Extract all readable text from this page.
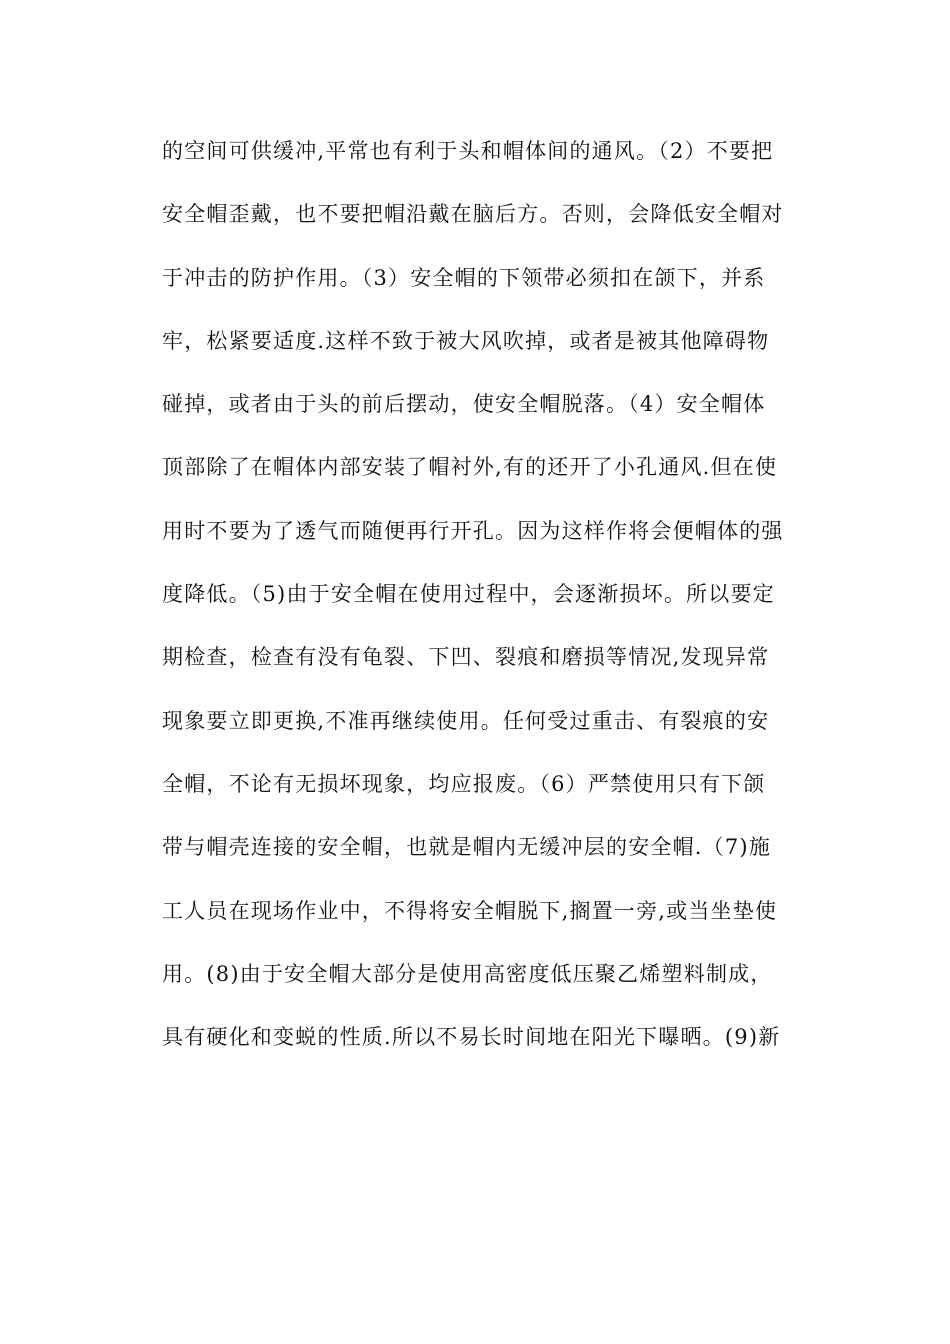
的空间可供缓冲,平常也有利于头和帽体间的通风。（2）不要把
安全帽歪戴，也不要把帽沿戴在脑后方。否则，会降低安全帽对
于冲击的防护作用。（3）安全帽的下领带必须扣在颌下，并系
牢，松紧要适度.这样不致于被大风吹掉，或者是被其他障碍物
碰掉，或者由于头的前后摆动，使安全帽脱落。（4）安全帽体
顶部除了在帽体内部安装了帽衬外,有的还开了小孔通风.但在使
用时不要为了透气而随便再行开孔。因为这样作将会便帽体的强
度降低。（5)由于安全帽在使用过程中，会逐渐损坏。所以要定
期检查，检查有没有龟裂、下凹、裂痕和磨损等情况,发现异常
现象要立即更换,不准再继续使用。任何受过重击、有裂痕的安
全帽，不论有无损坏现象，均应报废。（6）严禁使用只有下颌
带与帽壳连接的安全帽，也就是帽内无缓冲层的安全帽.（7)施
工人员在现场作业中，不得将安全帽脱下,搁置一旁,或当坐垫使
用。(8)由于安全帽大部分是使用高密度低压聚乙烯塑料制成，
具有硬化和变蜕的性质.所以不易长时间地在阳光下曝晒。(9)新
